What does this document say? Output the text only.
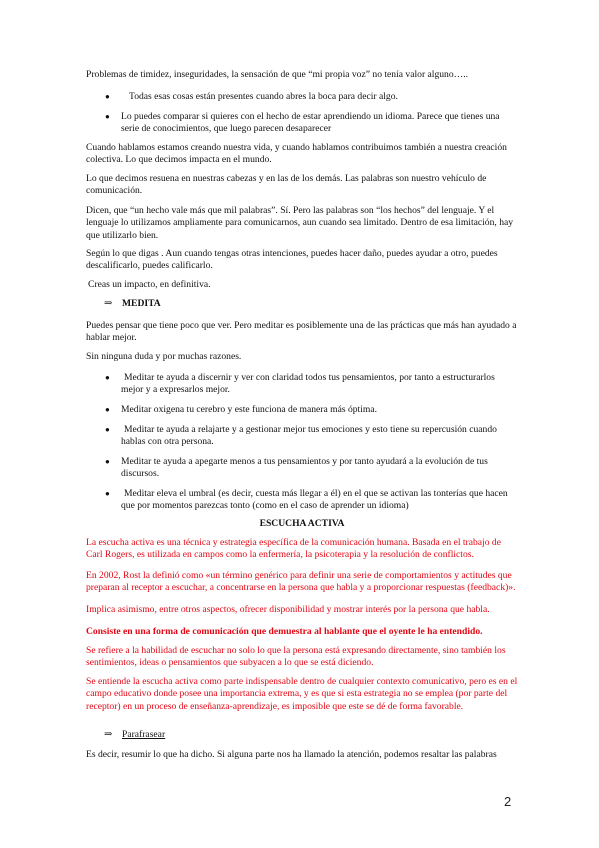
Problemas de timidez, inseguridades, la sensación de que “mi propia voz” no tenía valor alguno…..

●	Todas esas cosas están presentes cuando abres la boca para decir algo.

● Lo puedes comparar si quieres con el hecho de estar aprendiendo un idioma. Parece que tienes una serie de conocimientos, que luego parecen desaparecer

Cuando hablamos estamos creando nuestra vida, y cuando hablamos contribuimos también a nuestra creación colectiva. Lo que decimos impacta en el mundo.

Lo que decimos resuena en nuestras cabezas y en las de los demás. Las palabras son nuestro vehículo de comunicación.

Dicen, que “un hecho vale más que mil palabras”. Sí. Pero las palabras son “los hechos” del lenguaje. Y el lenguaje lo utilizamos ampliamente para comunicarnos, aun cuando sea limitado. Dentro de esa limitación, hay que utilizarlo bien.

Según lo que digas . Aun cuando tengas otras intenciones, puedes hacer daño, puedes ayudar a otro, puedes descalificarlo, puedes calificarlo.

Creas un impacto, en definitiva.

⇒ MEDITA

Puedes pensar que tiene poco que ver. Pero meditar es posiblemente una de las prácticas que más han ayudado a hablar mejor.

Sin ninguna duda y por muchas razones.

●	Meditar te ayuda a discernir y ver con claridad todos tus pensamientos, por tanto a estructurarlos mejor y a expresarlos mejor.

● Meditar oxigena tu cerebro y este funciona de manera más óptima.

●	Meditar te ayuda a relajarte y a gestionar mejor tus emociones y esto tiene su repercusión cuando hablas con otra persona.

● Meditar te ayuda a apegarte menos a tus pensamientos y por tanto ayudará a la evolución de tus discursos.

●	Meditar eleva el umbral (es decir, cuesta más llegar a él) en el que se activan las tonterías que hacen que por momentos parezcas tonto (como en el caso de aprender un idioma)

ESCUCHA ACTIVA

La escucha activa es una técnica y estrategia específica de la comunicación humana. Basada en el trabajo de Carl Rogers, es utilizada en campos como la enfermería, la psicoterapia y la resolución de conflictos.

En 2002, Rost la definió como «un término genérico para definir una serie de comportamientos y actitudes que preparan al receptor a escuchar, a concentrarse en la persona que habla y a proporcionar respuestas (feedback)».

Implica asimismo, entre otros aspectos, ofrecer disponibilidad y mostrar interés por la persona que habla.

Consiste en una forma de comunicación que demuestra al hablante que el oyente le ha entendido.

Se refiere a la habilidad de escuchar no solo lo que la persona está expresando directamente, sino también los sentimientos, ideas o pensamientos que subyacen a lo que se está diciendo.

Se entiende la escucha activa como parte indispensable dentro de cualquier contexto comunicativo, pero es en el campo educativo donde posee una importancia extrema, y es que si esta estrategia no se emplea (por parte del receptor) en un proceso de enseñanza-aprendizaje, es imposible que este se dé de forma favorable.

⇒ Parafrasear

Es decir, resumir lo que ha dicho. Si alguna parte nos ha llamado la atención, podemos resaltar las palabras

2
